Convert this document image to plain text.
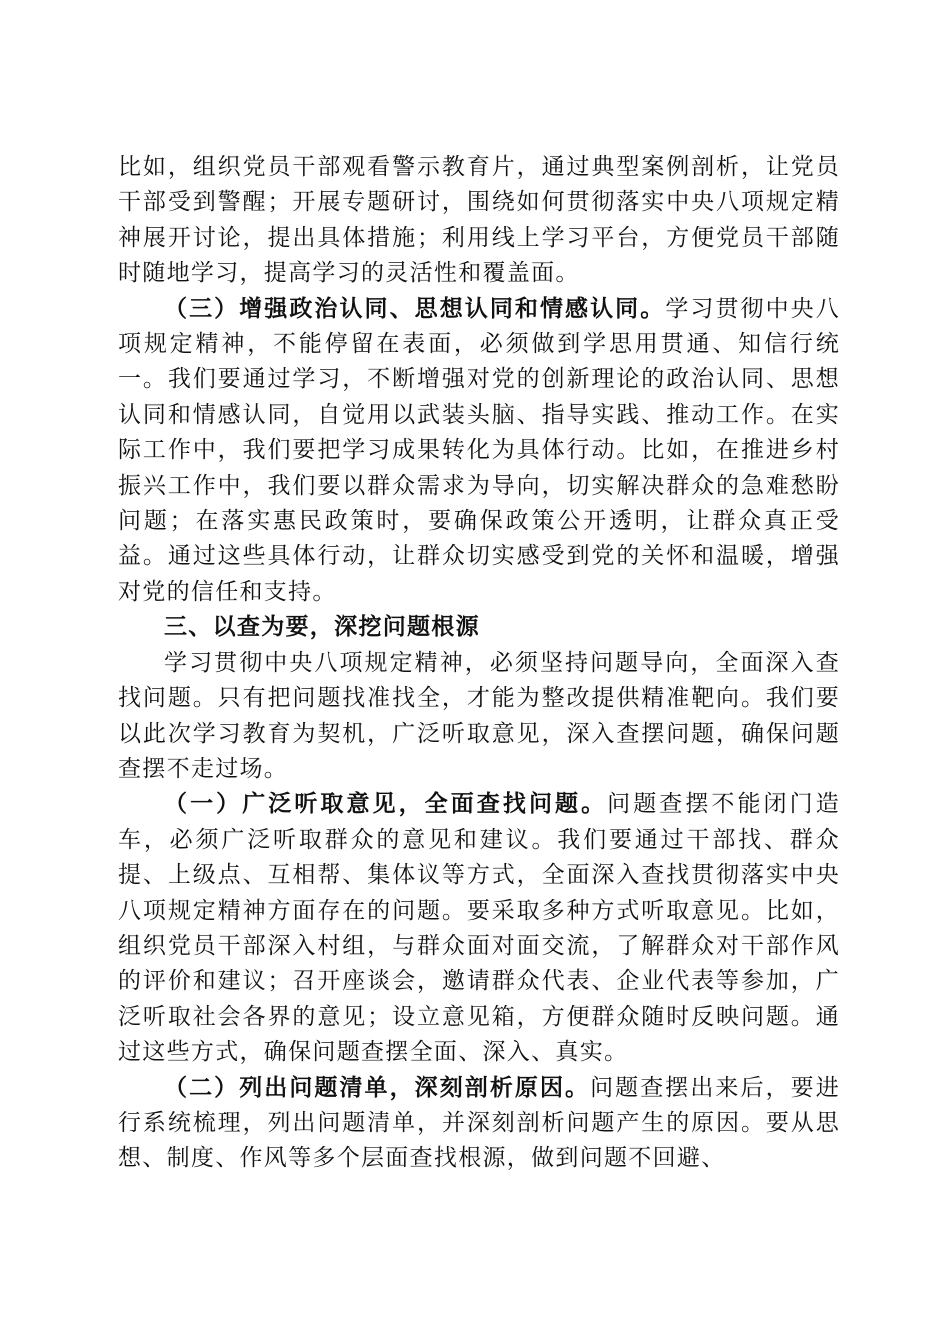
比如，组织党员干部观看警示教育片，通过典型案例剖析，让党员干部受到警醒；开展专题研讨，围绕如何贯彻落实中央八项规定精神展开讨论，提出具体措施；利用线上学习平台，方便党员干部随时随地学习，提高学习的灵活性和覆盖面。

（三）增强政治认同、思想认同和情感认同。学习贯彻中央八项规定精神，不能停留在表面，必须做到学思用贯通、知信行统一。我们要通过学习，不断增强对党的创新理论的政治认同、思想认同和情感认同，自觉用以武装头脑、指导实践、推动工作。在实际工作中，我们要把学习成果转化为具体行动。比如，在推进乡村振兴工作中，我们要以群众需求为导向，切实解决群众的急难愁盼问题；在落实惠民政策时，要确保政策公开透明，让群众真正受益。通过这些具体行动，让群众切实感受到党的关怀和温暖，增强对党的信任和支持。

三、以查为要，深挖问题根源

学习贯彻中央八项规定精神，必须坚持问题导向，全面深入查找问题。只有把问题找准找全，才能为整改提供精准靶向。我们要以此次学习教育为契机，广泛听取意见，深入查摆问题，确保问题查摆不走过场。

（一）广泛听取意见，全面查找问题。问题查摆不能闭门造车，必须广泛听取群众的意见和建议。我们要通过干部找、群众提、上级点、互相帮、集体议等方式，全面深入查找贯彻落实中央八项规定精神方面存在的问题。要采取多种方式听取意见。比如，组织党员干部深入村组，与群众面对面交流，了解群众对干部作风的评价和建议；召开座谈会，邀请群众代表、企业代表等参加，广泛听取社会各界的意见；设立意见箱，方便群众随时反映问题。通过这些方式，确保问题查摆全面、深入、真实。

（二）列出问题清单，深刻剖析原因。问题查摆出来后，要进行系统梳理，列出问题清单，并深刻剖析问题产生的原因。要从思想、制度、作风等多个层面查找根源，做到问题不回避、
